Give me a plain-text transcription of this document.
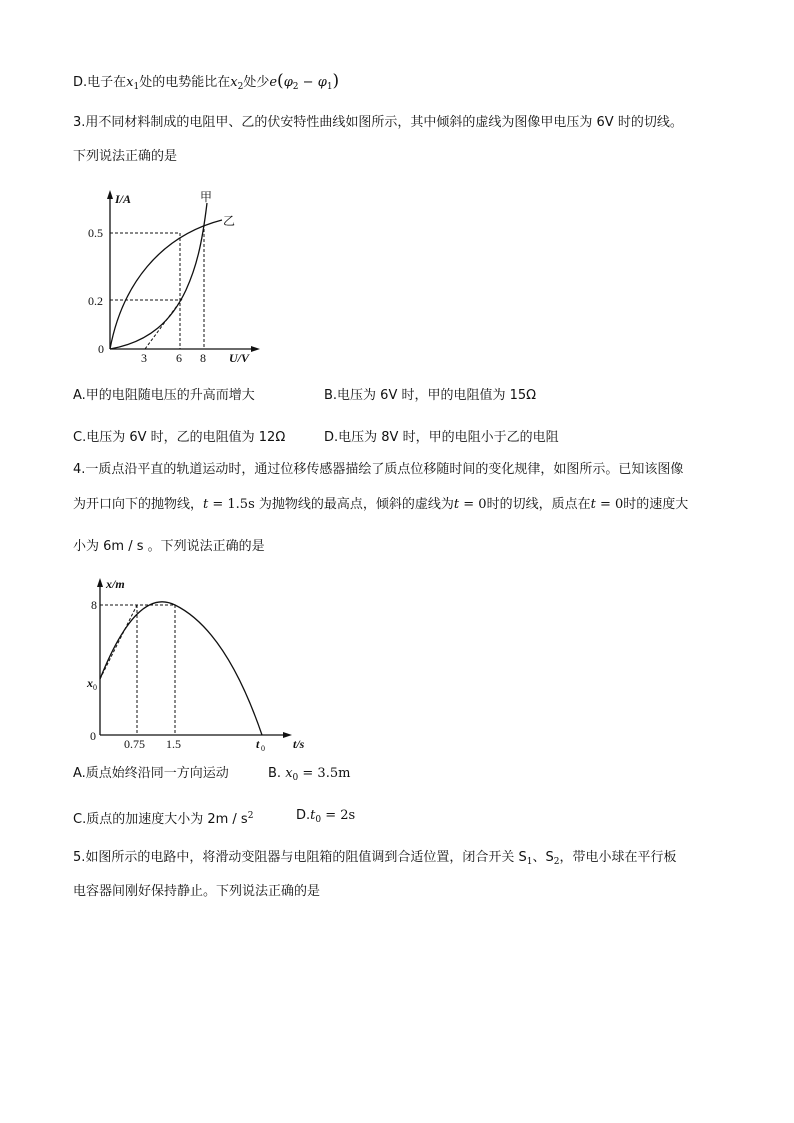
D.电子在$x_1$处的电势能比在$x_2$处少$e(\varphi_2 - \varphi_1)$
3.用不同材料制成的电阻甲、乙的伏安特性曲线如图所示，其中倾斜的虚线为图像甲电压为 6V 时的切线。
下列说法正确的是
I/A
U/V
0
0.5
0.2
3 6 8
甲
乙
A.甲的电阻随电压的升高而增大	B.电压为 6V 时，甲的电阻值为 15Ω
C.电压为 6V 时，乙的电阻值为 12Ω	D.电压为 8V 时，甲的电阻小于乙的电阻
4.一质点沿平直的轨道运动时，通过位移传感器描绘了质点位移随时间的变化规律，如图所示。已知该图像
为开口向下的抛物线，t = 1.5s 为抛物线的最高点，倾斜的虚线为t = 0时的切线，质点在t = 0时的速度大
小为 6m / s 。下列说法正确的是
x/m
t/s
0
8
x 0
0.75 1.5	t 0
A.质点始终沿同一方向运动	B. $x_0 = 3.5m$
C.质点的加速度大小为 $2m / s^2$	$D.t_0 = 2s$
5.如图所示的电路中，将滑动变阻器与电阻箱的阻值调到合适位置，闭合开关 $S_1$、$S_2$，带电小球在平行板
电容器间刚好保持静止。下列说法正确的是
